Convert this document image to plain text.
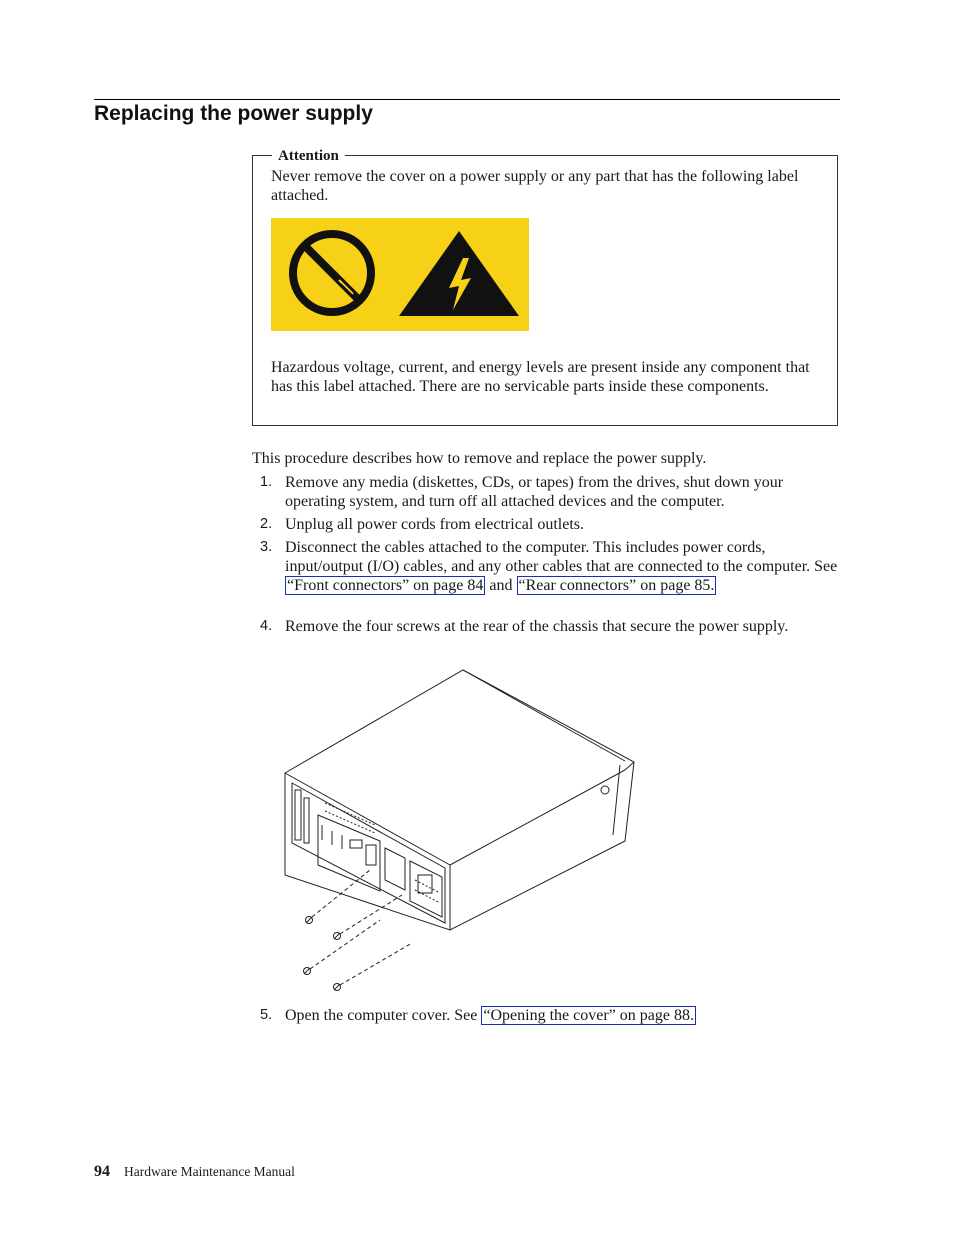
Replacing the power supply
Attention

Never remove the cover on a power supply or any part that has the following label attached.

Hazardous voltage, current, and energy levels are present inside any component that has this label attached. There are no servicable parts inside these components.

This procedure describes how to remove and replace the power supply.

1. Remove any media (diskettes, CDs, or tapes) from the drives, shut down your operating system, and turn off all attached devices and the computer.
2. Unplug all power cords from electrical outlets.
3. Disconnect the cables attached to the computer. This includes power cords, input/output (I/O) cables, and any other cables that are connected to the computer. See “Front connectors” on page 84 and “Rear connectors” on page 85.
4. Remove the four screws at the rear of the chassis that secure the power supply.
5. Open the computer cover. See “Opening the cover” on page 88.
94 Hardware Maintenance Manual
